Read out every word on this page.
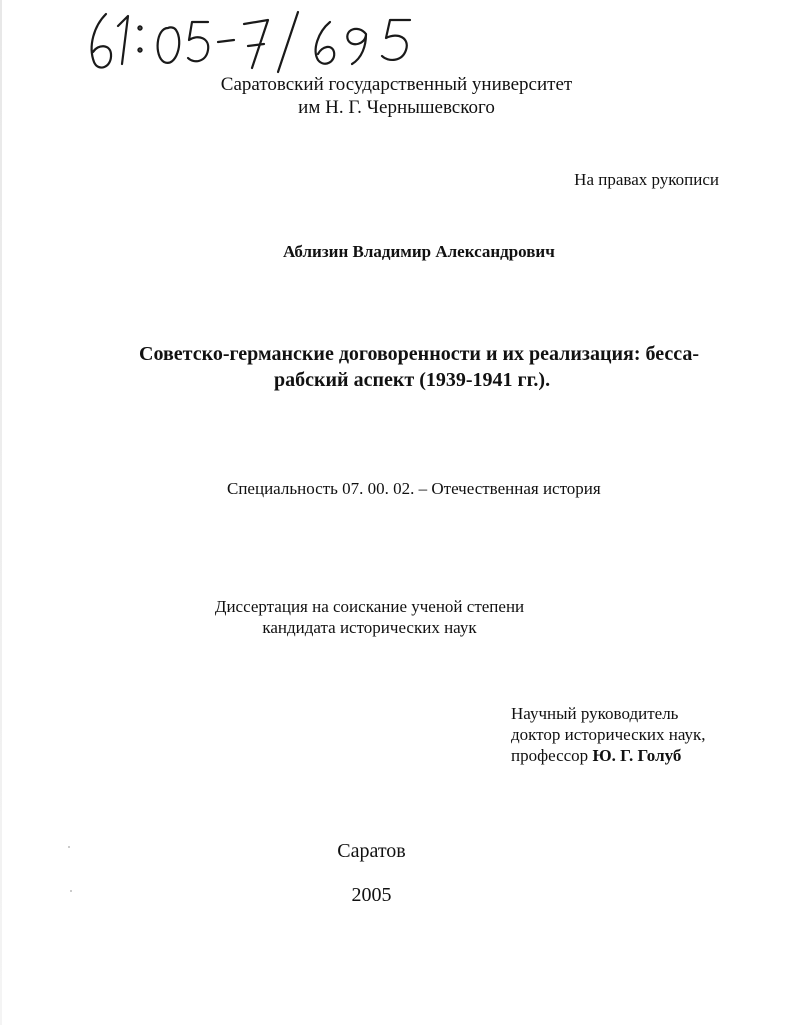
Саратовский государственный университет
им Н. Г. Чернышевского
На правах рукописи
Аблизин Владимир Александрович
Советско-германские договоренности и их реализация: бесса-
рабский аспект (1939-1941 гг.).
Специальность 07. 00. 02. – Отечественная история
Диссертация на соискание ученой степени
кандидата исторических наук
Научный руководитель
доктор исторических наук,
профессор Ю. Г. Голуб
Саратов
2005
